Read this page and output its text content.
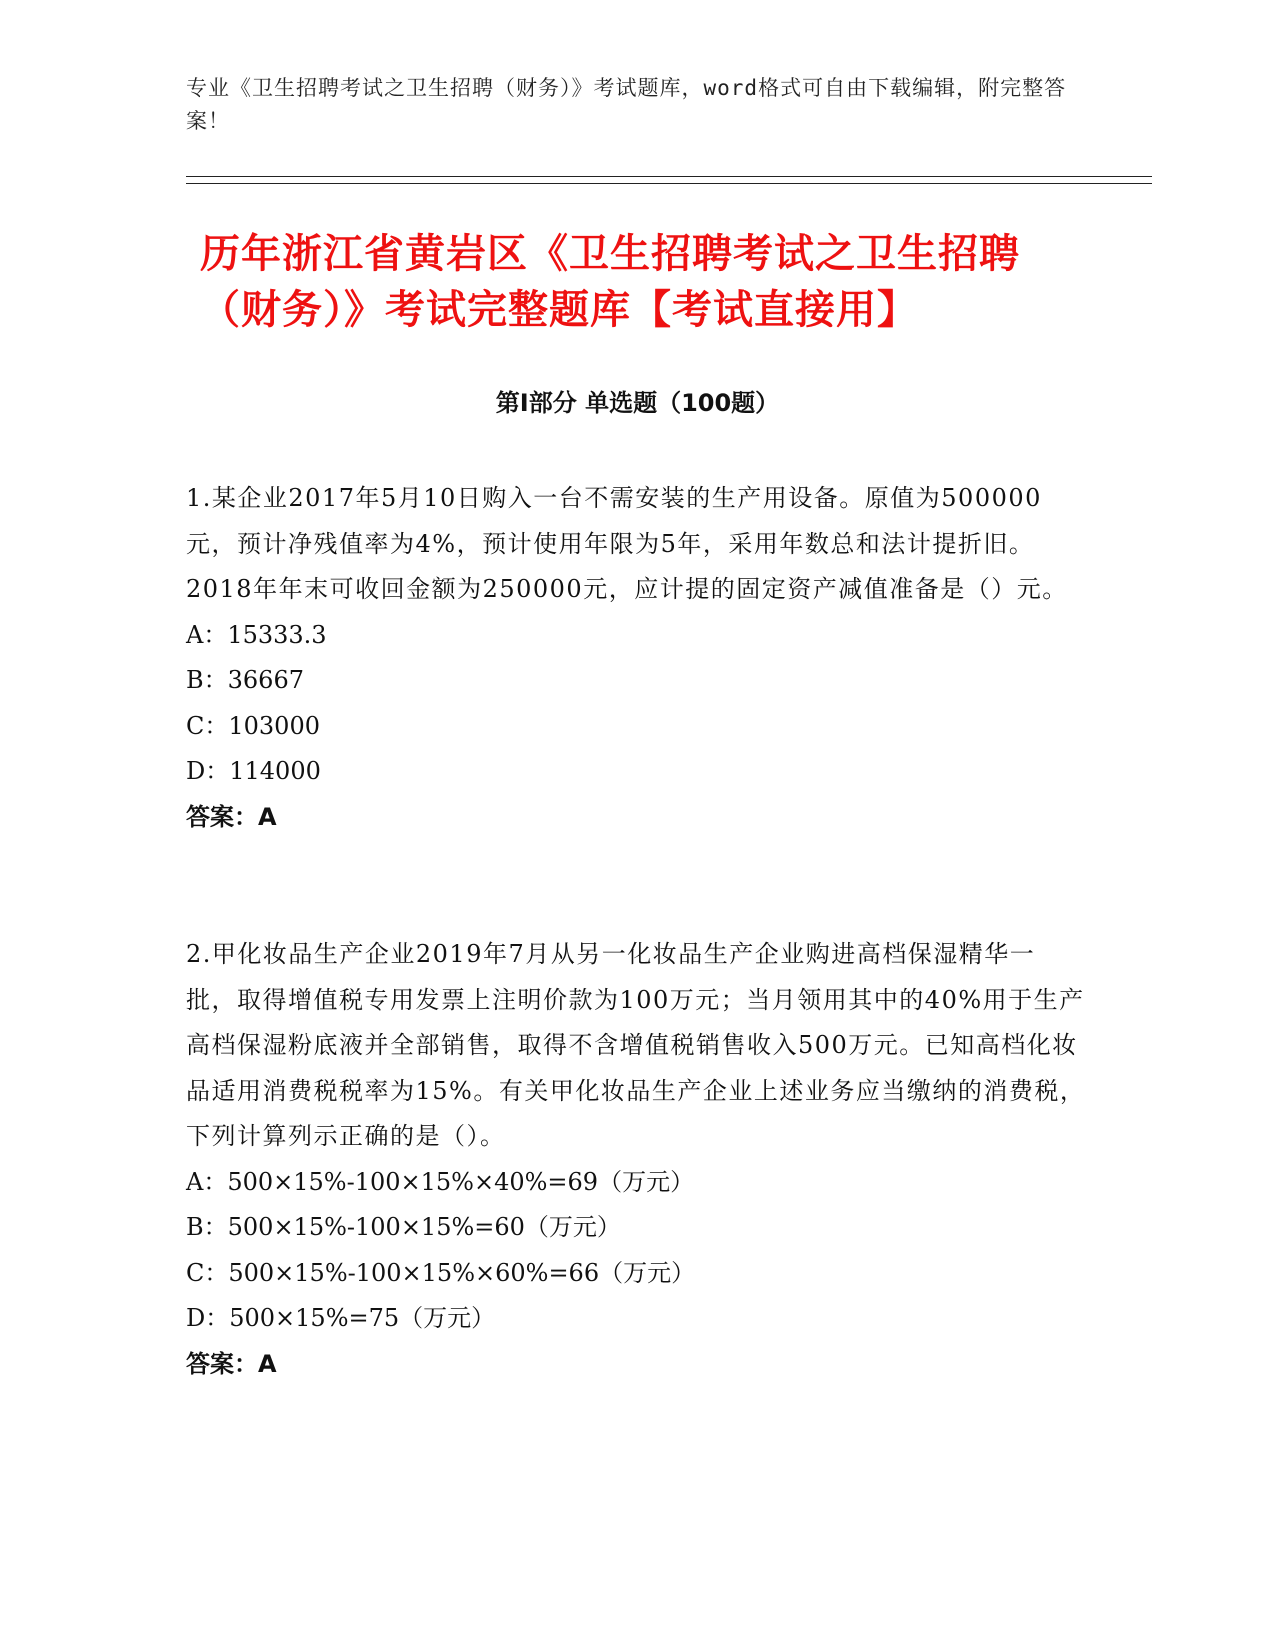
专业《卫生招聘考试之卫生招聘（财务）》考试题库，word格式可自由下载编辑，附完整答案！
历年浙江省黄岩区《卫生招聘考试之卫生招聘（财务）》考试完整题库【考试直接用】
第Ⅰ部分 单选题（100题）

1.某企业2017年5月10日购入一台不需安装的生产用设备。原值为500000元，预计净残值率为4%，预计使用年限为5年，采用年数总和法计提折旧。2018年年末可收回金额为250000元，应计提的固定资产减值准备是（）元。

A：15333.3

B：36667

C：103000

D：114000

答案：A

2.甲化妆品生产企业2019年7月从另一化妆品生产企业购进高档保湿精华一批，取得增值税专用发票上注明价款为100万元；当月领用其中的40%用于生产高档保湿粉底液并全部销售，取得不含增值税销售收入500万元。已知高档化妆品适用消费税税率为15%。有关甲化妆品生产企业上述业务应当缴纳的消费税，下列计算列示正确的是（）。

A：500×15%-100×15%×40%=69（万元）

B：500×15%-100×15%=60（万元）

C：500×15%-100×15%×60%=66（万元）

D：500×15%=75（万元）

答案：A
